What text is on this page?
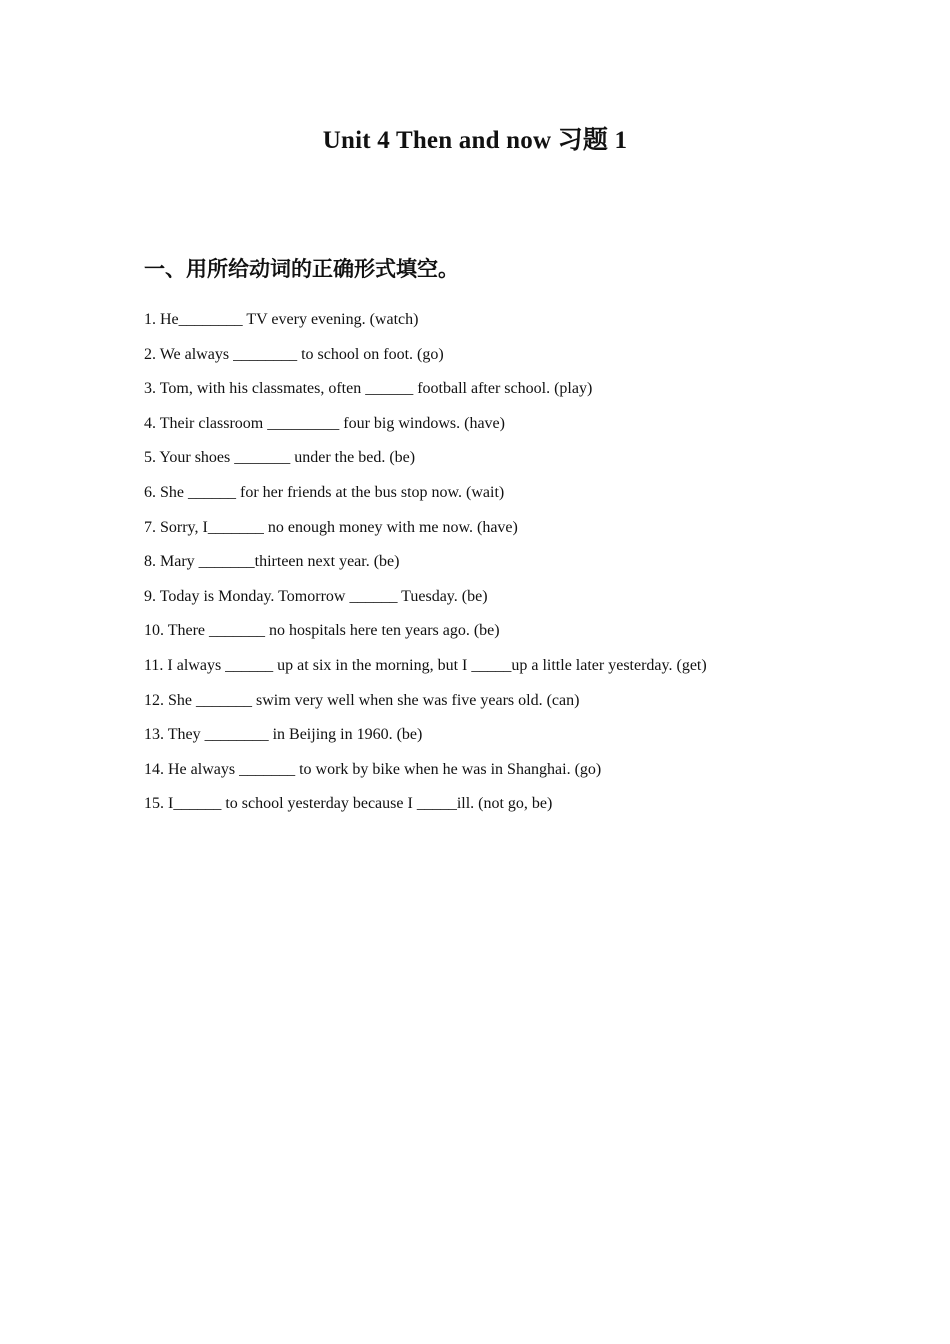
Unit 4 Then and now 习题 1
一、用所给动词的正确形式填空。
1. He________ TV every evening. (watch)
2. We always ________ to school on foot. (go)
3. Tom, with his classmates, often ______ football after school. (play)
4. Their classroom _________ four big windows. (have)
5. Your shoes _______ under the bed. (be)
6. She ______ for her friends at the bus stop now. (wait)
7. Sorry, I_______ no enough money with me now. (have)
8. Mary _______thirteen next year. (be)
9. Today is Monday. Tomorrow ______ Tuesday. (be)
10. There _______ no hospitals here ten years ago. (be)
11. I always ______ up at six in the morning, but I _____up a little later yesterday. (get)
12. She _______ swim very well when she was five years old. (can)
13. They ________ in Beijing in 1960. (be)
14. He always _______ to work by bike when he was in Shanghai. (go)
15. I______ to school yesterday because I _____ill. (not go, be)
